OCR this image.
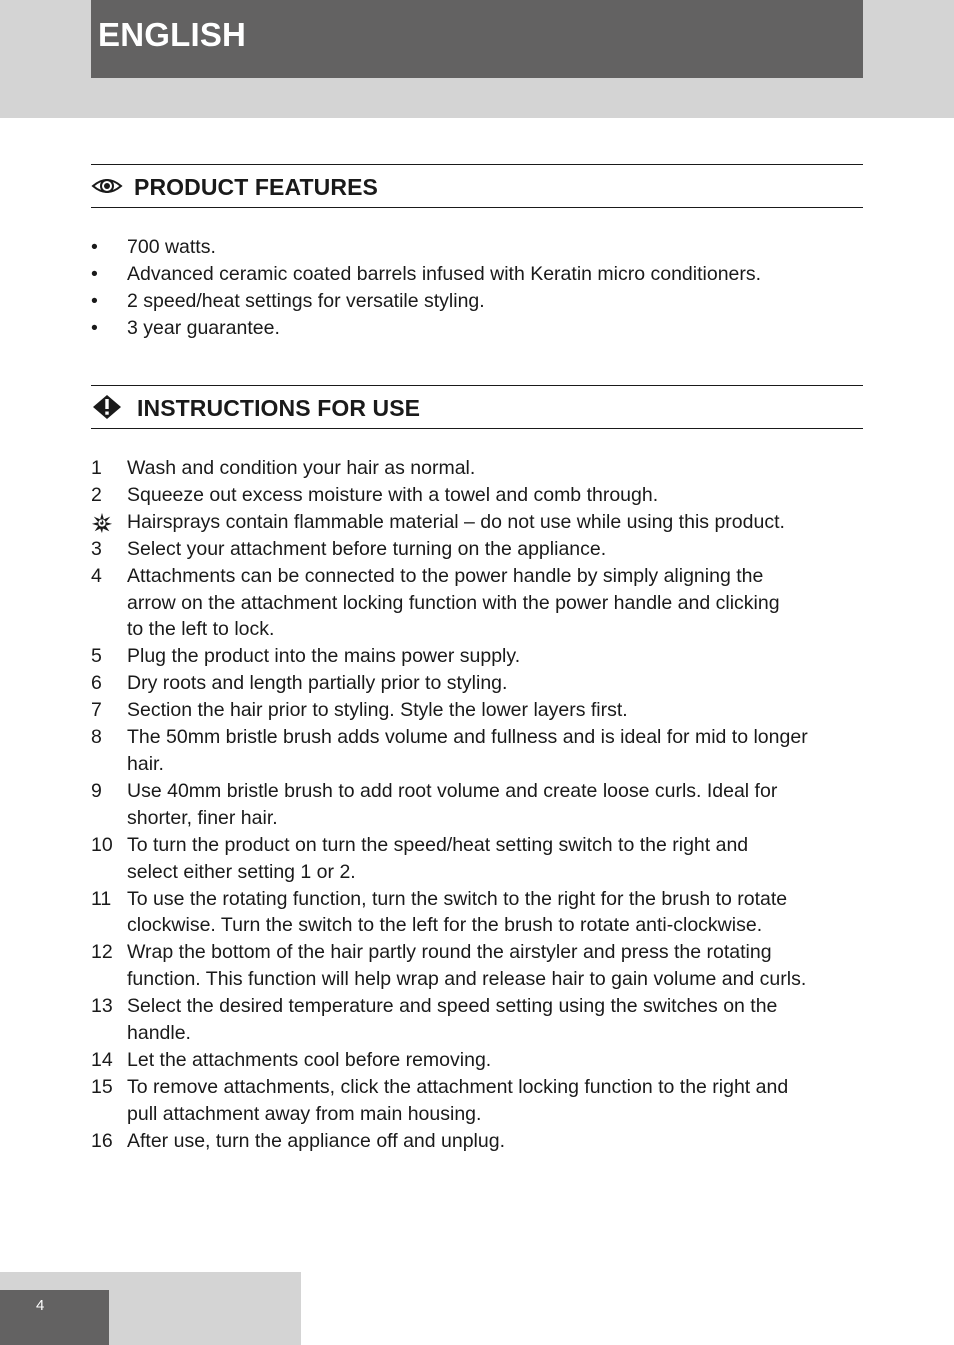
ENGLISH
PRODUCT FEATURES
•	700 watts.
•	Advanced ceramic coated barrels infused with Keratin micro conditioners.
•	2 speed/heat settings for versatile styling.
•	3 year guarantee.
INSTRUCTIONS FOR USE
1	Wash and condition your hair as normal.
2	Squeeze out excess moisture with a towel and comb through.
Hairsprays contain flammable material – do not use while using this product.
3	Select your attachment before turning on the appliance.
4	Attachments can be connected to the power handle by simply aligning the
arrow on the attachment locking function with the power handle and clicking
to the left to lock.
5	Plug the product into the mains power supply.
6	Dry roots and length partially prior to styling.
7	Section the hair prior to styling. Style the lower layers first.
8	The 50mm bristle brush adds volume and fullness and is ideal for mid to longer
hair.
9	Use 40mm bristle brush to add root volume and create loose curls. Ideal for
shorter, finer hair.
10 To turn the product on turn the speed/heat setting switch to the right and
select either setting 1 or 2.
11 To use the rotating function, turn the switch to the right for the brush to rotate
clockwise. Turn the switch to the left for the brush to rotate anti-clockwise.
12 Wrap the bottom of the hair partly round the airstyler and press the rotating
function. This function will help wrap and release hair to gain volume and curls.
13 Select the desired temperature and speed setting using the switches on the
handle.
14 Let the attachments cool before removing.
15 To remove attachments, click the attachment locking function to the right and
pull attachment away from main housing.
16 After use, turn the appliance off and unplug.
4
